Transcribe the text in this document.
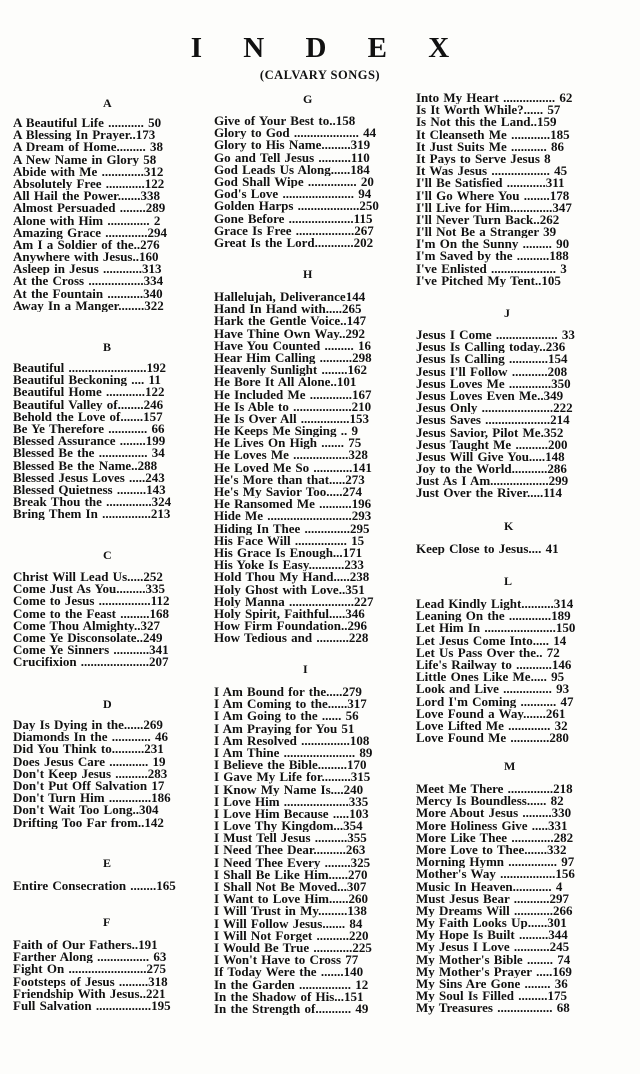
I N D E X
(CALVARY SONGS)
A
A Beautiful Life ........... 50
A Blessing In Prayer..173
A Dream of Home......... 38
A New Name in Glory 58
Abide with Me .............312
Absolutely Free ............122
All Hail the Power.......338
Almost Persuaded ........289
Alone with Him ............. 2
Amazing Grace .............294
Am I a Soldier of the..276
Anywhere with Jesus..160
Asleep in Jesus ............313
At the Cross .................334
At the Fountain ...........340
Away In a Manger........322
B
Beautiful ........................192
Beautiful Beckoning .... 11
Beautiful Home ............122
Beautiful Valley of........246
Behold the Love of.......157
Be Ye Therefore ............ 66
Blessed Assurance ........199
Blessed Be the ............... 34
Blessed Be the Name..288
Blessed Jesus Loves .....243
Blessed Quietness .........143
Break Thou the ..............324
Bring Them In ...............213
C
Christ Will Lead Us.....252
Come Just As You.........335
Come to Jesus ................112
Come to the Feast .........168
Come Thou Almighty..327
Come Ye Disconsolate..249
Come Ye Sinners ...........341
Crucifixion .....................207
D
Day Is Dying in the......269
Diamonds In the ............ 46
Did You Think to..........231
Does Jesus Care ............ 19
Don't Keep Jesus ..........283
Don't Put Off Salvation 17
Don't Turn Him .............186
Don't Wait Too Long..304
Drifting Too Far from..142
E
Entire Consecration ........165
F
Faith of Our Fathers..191
Farther Along ................ 63
Fight On ........................275
Footsteps of Jesus .........318
Friendship With Jesus..221
Full Salvation .................195
G
Give of Your Best to..158
Glory to God .................... 44
Glory to His Name.........319
Go and Tell Jesus ..........110
God Leads Us Along......184
God Shall Wipe ............... 20
God's Love ...................... 94
Golden Harps ...................250
Gone Before ....................115
Grace Is Free ..................267
Great Is the Lord............202
H
Hallelujah, Deliverance144
Hand In Hand with.....265
Hark the Gentle Voice..147
Have Thine Own Way..292
Have You Counted ......... 16
Hear Him Calling ..........298
Heavenly Sunlight ........162
He Bore It All Alone..101
He Included Me .............167
He Is Able to ..................210
He Is Over All ...............153
He Keeps Me Singing .. 9
He Lives On High ....... 75
He Loves Me .................328
He Loved Me So ............141
He's More than that.....273
He's My Savior Too.....274
He Ransomed Me ..........196
Hide Me ..........................293
Hiding In Thee ..............295
His Face Will ................ 15
His Grace Is Enough...171
His Yoke Is Easy...........233
Hold Thou My Hand.....238
Holy Ghost with Love..351
Holy Manna ....................227
Holy Spirit, Faithful.....346
How Firm Foundation..296
How Tedious and ..........228
I
I Am Bound for the.....279
I Am Coming to the......317
I Am Going to the ...... 56
I Am Praying for You 51
I Am Resolved ...............108
I Am Thine ...................... 89
I Believe the Bible.........170
I Gave My Life for.........315
I Know My Name Is....240
I Love Him ....................335
I Love Him Because .....103
I Love Thy Kingdom...354
I Must Tell Jesus ..........355
I Need Thee Dear..........263
I Need Thee Every ........325
I Shall Be Like Him......270
I Shall Not Be Moved...307
I Want to Love Him......260
I Will Trust in My.........138
I Will Follow Jesus....... 84
I Will Not Forget ..........220
I Would Be True ............225
I Won't Have to Cross 77
If Today Were the .......140
In the Garden ................ 12
In the Shadow of His...151
In the Strength of........... 49
Into My Heart ................ 62
Is It Worth While?...... 57
Is Not this the Land..159
It Cleanseth Me ............185
It Just Suits Me ........... 86
It Pays to Serve Jesus 8
It Was Jesus .................. 45
I'll Be Satisfied ............311
I'll Go Where You ........178
I'll Live for Him.............347
I'll Never Turn Back..262
I'll Not Be a Stranger 39
I'm On the Sunny ......... 90
I'm Saved by the ..........188
I've Enlisted .................... 3
I've Pitched My Tent..105
J
Jesus I Come ................... 33
Jesus Is Calling today..236
Jesus Is Calling ............154
Jesus I'll Follow ...........208
Jesus Loves Me .............350
Jesus Loves Even Me..349
Jesus Only ......................222
Jesus Saves ....................214
Jesus Savior, Pilot Me.352
Jesus Taught Me ..........200
Jesus Will Give You.....148
Joy to the World...........286
Just As I Am..................299
Just Over the River.....114
K
Keep Close to Jesus.... 41
L
Lead Kindly Light..........314
Leaning On the .............189
Let Him In ......................150
Let Jesus Come Into..... 14
Let Us Pass Over the.. 72
Life's Railway to ...........146
Little Ones Like Me..... 95
Look and Live ............... 93
Lord I'm Coming ........... 47
Love Found a Way.......261
Love Lifted Me ............. 32
Love Found Me ............280
M
Meet Me There ..............218
Mercy Is Boundless...... 82
More About Jesus .........330
More Holiness Give .....331
More Like Thee .............282
More Love to Thee.......332
Morning Hymn ............... 97
Mother's Way .................156
Music In Heaven............ 4
Must Jesus Bear ...........297
My Dreams Will ............266
My Faith Looks Up......301
My Hope Is Built .........344
My Jesus I Love ...........245
My Mother's Bible ........ 74
My Mother's Prayer .....169
My Sins Are Gone ........ 36
My Soul Is Filled .........175
My Treasures ................. 68
